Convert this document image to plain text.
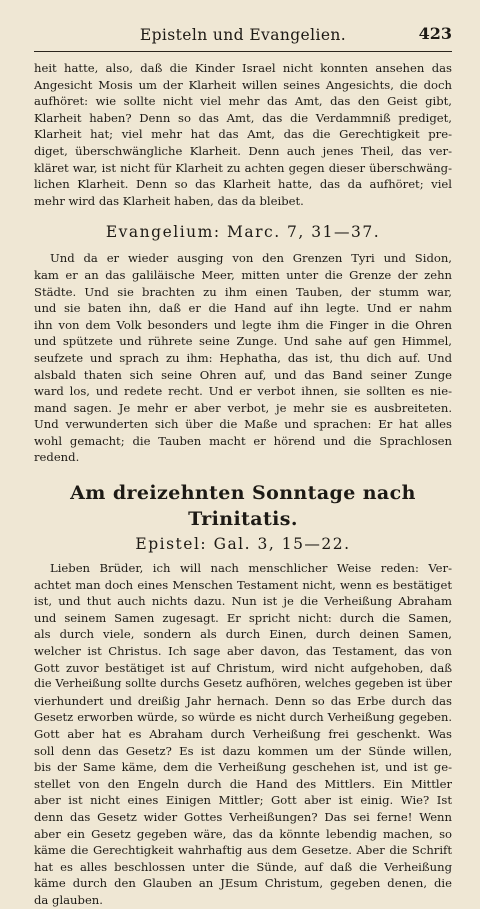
Episteln und Evangelien.	423

heit hatte, also, daß die Kinder Israel nicht konnten ansehen das

Angesicht Mosis um der Klarheit willen seines Angesichts, die doch

aufhöret: wie sollte nicht viel mehr das Amt, das den Geist gibt,

Klarheit haben? Denn so das Amt, das die Verdammniß prediget,

Klarheit hat; viel mehr hat das Amt, das die Gerechtigkeit pre-

diget, überschwängliche Klarheit. Denn auch jenes Theil, das ver-

kläret war, ist nicht für Klarheit zu achten gegen dieser überschwäng-

lichen Klarheit. Denn so das Klarheit hatte, das da aufhöret; viel

mehr wird das Klarheit haben, das da bleibet.

Evangelium: Marc. 7, 31—37.

Und da er wieder ausging von den Grenzen Tyri und Sidon,

kam er an das galiläische Meer, mitten unter die Grenze der zehn

Städte. Und sie brachten zu ihm einen Tauben, der stumm war,

und sie baten ihn, daß er die Hand auf ihn legte. Und er nahm

ihn von dem Volk besonders und legte ihm die Finger in die Ohren

und spützete und rührete seine Zunge. Und sahe auf gen Himmel,

seufzete und sprach zu ihm: Hephatha, das ist, thu dich auf. Und

alsbald thaten sich seine Ohren auf, und das Band seiner Zunge

ward los, und redete recht. Und er verbot ihnen, sie sollten es nie-

mand sagen. Je mehr er aber verbot, je mehr sie es ausbreiteten.

Und verwunderten sich über die Maße und sprachen: Er hat alles

wohl gemacht; die Tauben macht er hörend und die Sprachlosen

redend.

Am dreizehnten Sonntage nach Trinitatis.
Epistel: Gal. 3, 15—22.

Lieben Brüder, ich will nach menschlicher Weise reden: Ver-

achtet man doch eines Menschen Testament nicht, wenn es bestätiget

ist, und thut auch nichts dazu. Nun ist je die Verheißung Abraham

und seinem Samen zugesagt. Er spricht nicht: durch die Samen,

als durch viele, sondern als durch Einen, durch deinen Samen,

welcher ist Christus. Ich sage aber davon, das Testament, das von

Gott zuvor bestätiget ist auf Christum, wird nicht aufgehoben, daß

die Verheißung sollte durchs Gesetz aufhören, welches gegeben ist über

vierhundert und dreißig Jahr hernach. Denn so das Erbe durch das

Gesetz erworben würde, so würde es nicht durch Verheißung gegeben.

Gott aber hat es Abraham durch Verheißung frei geschenkt. Was

soll denn das Gesetz? Es ist dazu kommen um der Sünde willen,

bis der Same käme, dem die Verheißung geschehen ist, und ist ge-

stellet von den Engeln durch die Hand des Mittlers. Ein Mittler

aber ist nicht eines Einigen Mittler; Gott aber ist einig. Wie? Ist

denn das Gesetz wider Gottes Verheißungen? Das sei ferne! Wenn

aber ein Gesetz gegeben wäre, das da könnte lebendig machen, so

käme die Gerechtigkeit wahrhaftig aus dem Gesetze. Aber die Schrift

hat es alles beschlossen unter die Sünde, auf daß die Verheißung

käme durch den Glauben an JEsum Christum, gegeben denen, die

da glauben.
